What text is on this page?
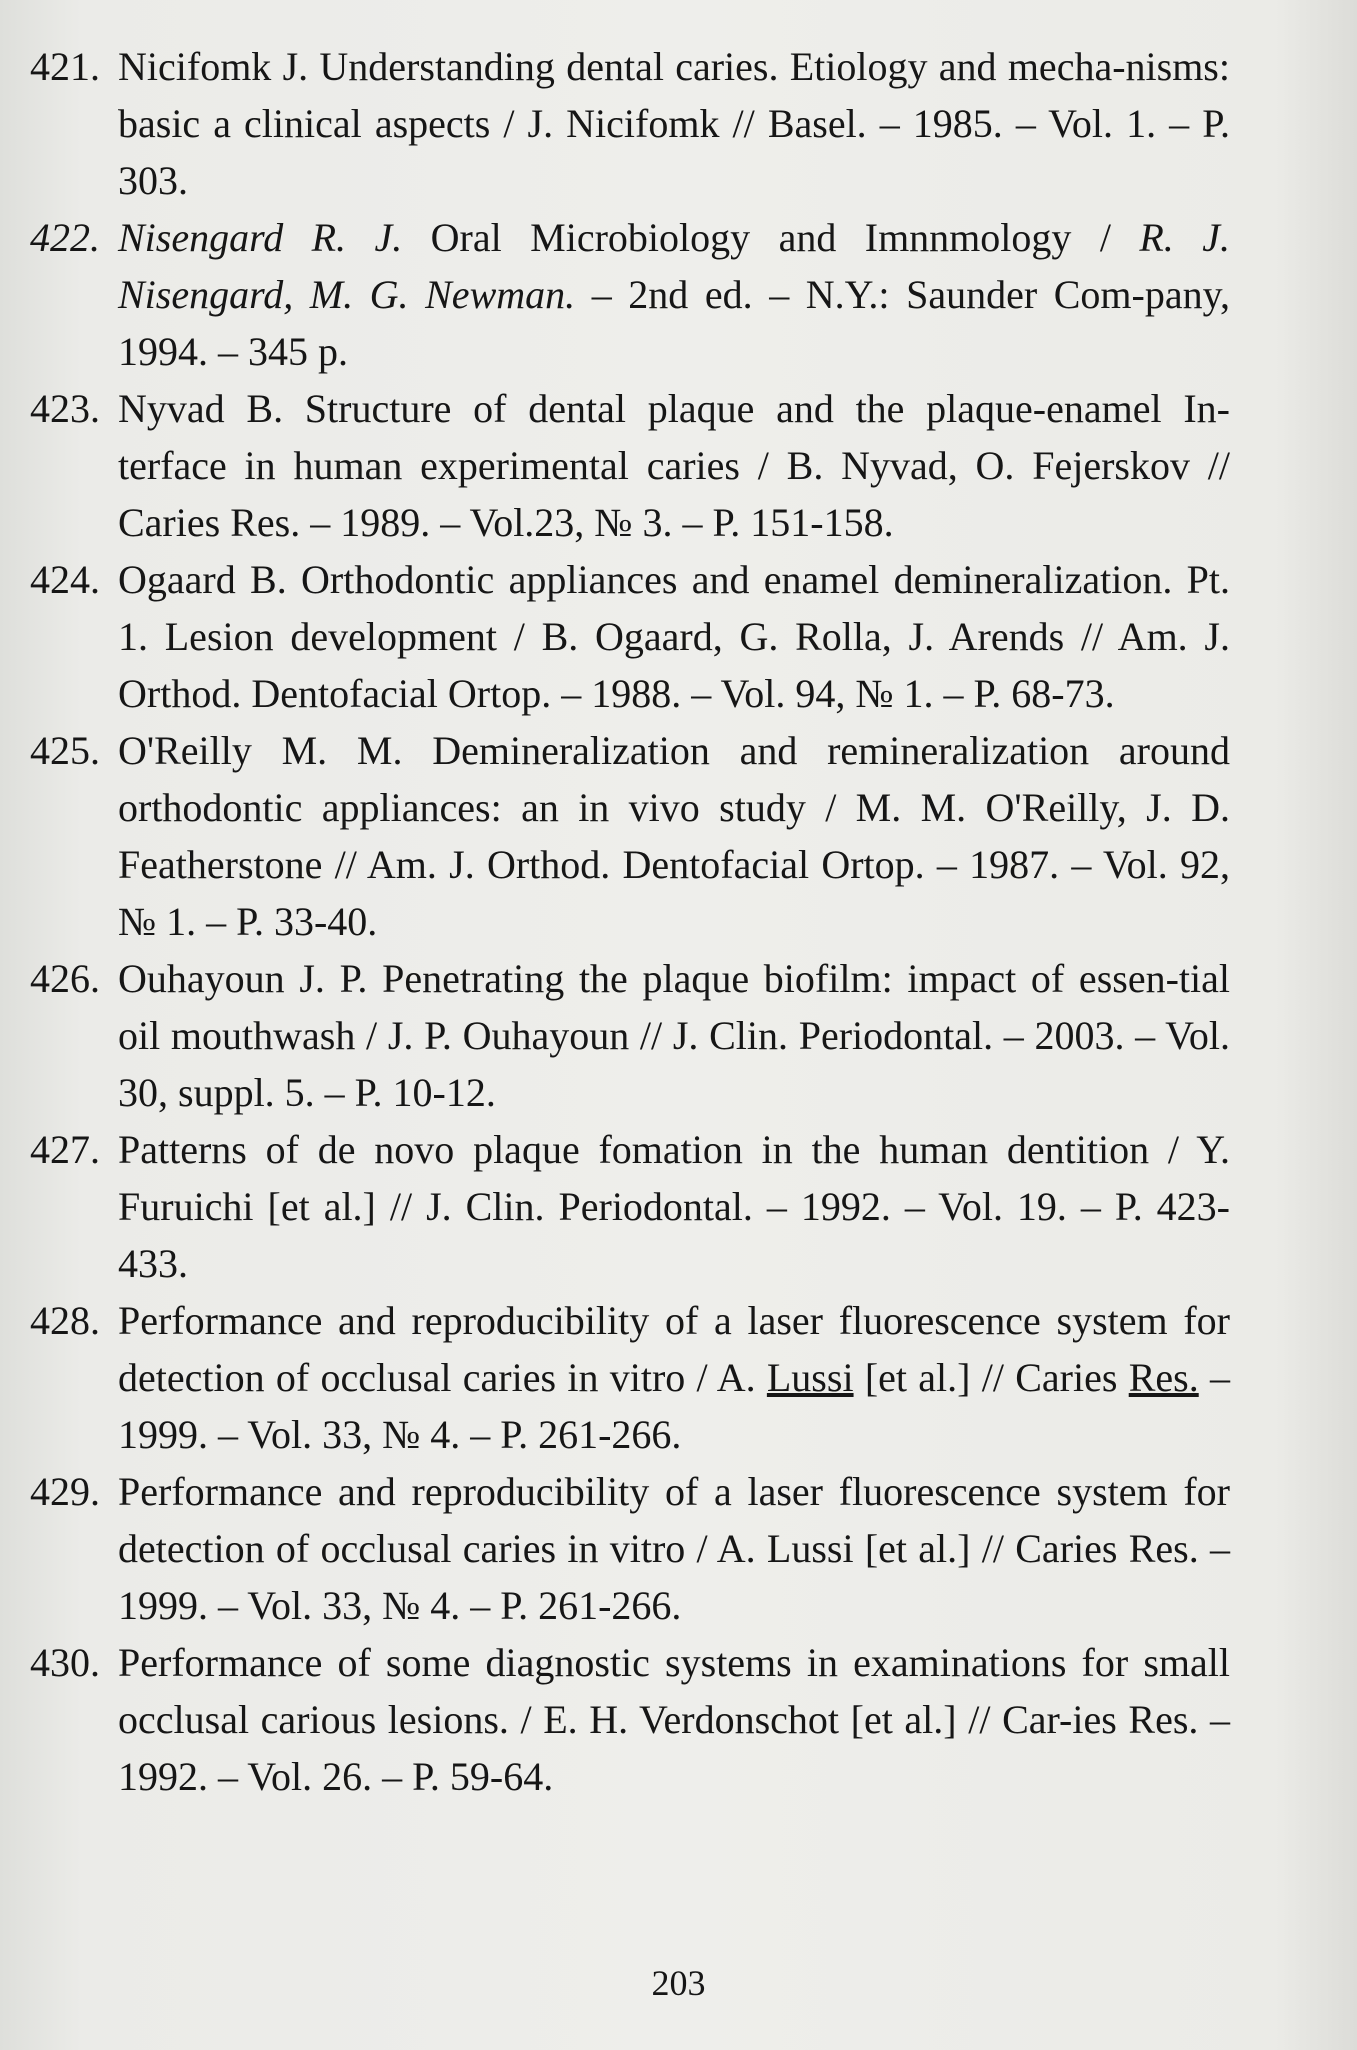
421. Nicifomk J. Understanding dental caries. Etiology and mecha-nisms: basic a clinical aspects / J. Nicifomk // Basel. – 1985. – Vol. 1. – P. 303.
422. Nisengard R. J. Oral Microbiology and Imnnmology / R. J. Nisengard, M. G. Newman. – 2nd ed. – N.Y.: Saunder Com-pany, 1994. – 345 p.
423. Nyvad B. Structure of dental plaque and the plaque-enamel In-terface in human experimental caries / B. Nyvad, O. Fejerskov // Caries Res. – 1989. – Vol.23, № 3. – P. 151-158.
424. Ogaard B. Orthodontic appliances and enamel demineralization. Pt. 1. Lesion development / B. Ogaard, G. Rolla, J. Arends // Am. J. Orthod. Dentofacial Ortop. – 1988. – Vol. 94, № 1. – P. 68-73.
425. O'Reilly M. M. Demineralization and remineralization around orthodontic appliances: an in vivo study / M. M. O'Reilly, J. D. Featherstone // Am. J. Orthod. Dentofacial Ortop. – 1987. – Vol. 92, № 1. – P. 33-40.
426. Ouhayoun J. P. Penetrating the plaque biofilm: impact of essen-tial oil mouthwash / J. P. Ouhayoun // J. Clin. Periodontal. – 2003. – Vol. 30, suppl. 5. – P. 10-12.
427. Patterns of de novo plaque fomation in the human dentition / Y. Furuichi [et al.] // J. Clin. Periodontal. – 1992. – Vol. 19. – P. 423-433.
428. Performance and reproducibility of a laser fluorescence system for detection of occlusal caries in vitro / A. Lussi [et al.] // Caries Res. –1999. – Vol. 33, № 4. – P. 261-266.
429. Performance and reproducibility of a laser fluorescence system for detection of occlusal caries in vitro / A. Lussi [et al.] // Caries Res. – 1999. – Vol. 33, № 4. – P. 261-266.
430. Performance of some diagnostic systems in examinations for small occlusal carious lesions. / E. H. Verdonschot [et al.] // Car-ies Res. –1992. – Vol. 26. – P. 59-64.
203
